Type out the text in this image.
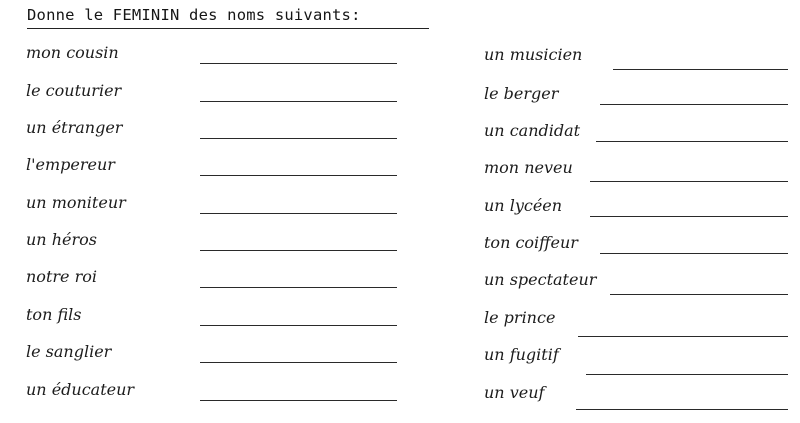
Donne le FEMININ des noms suivants:
mon cousin
le couturier
un étranger
l'empereur
un moniteur
un héros
notre roi
ton fils
le sanglier
un éducateur
un musicien
le berger
un candidat
mon neveu
un lycéen
ton coiffeur
un spectateur
le prince
un fugitif
un veuf
